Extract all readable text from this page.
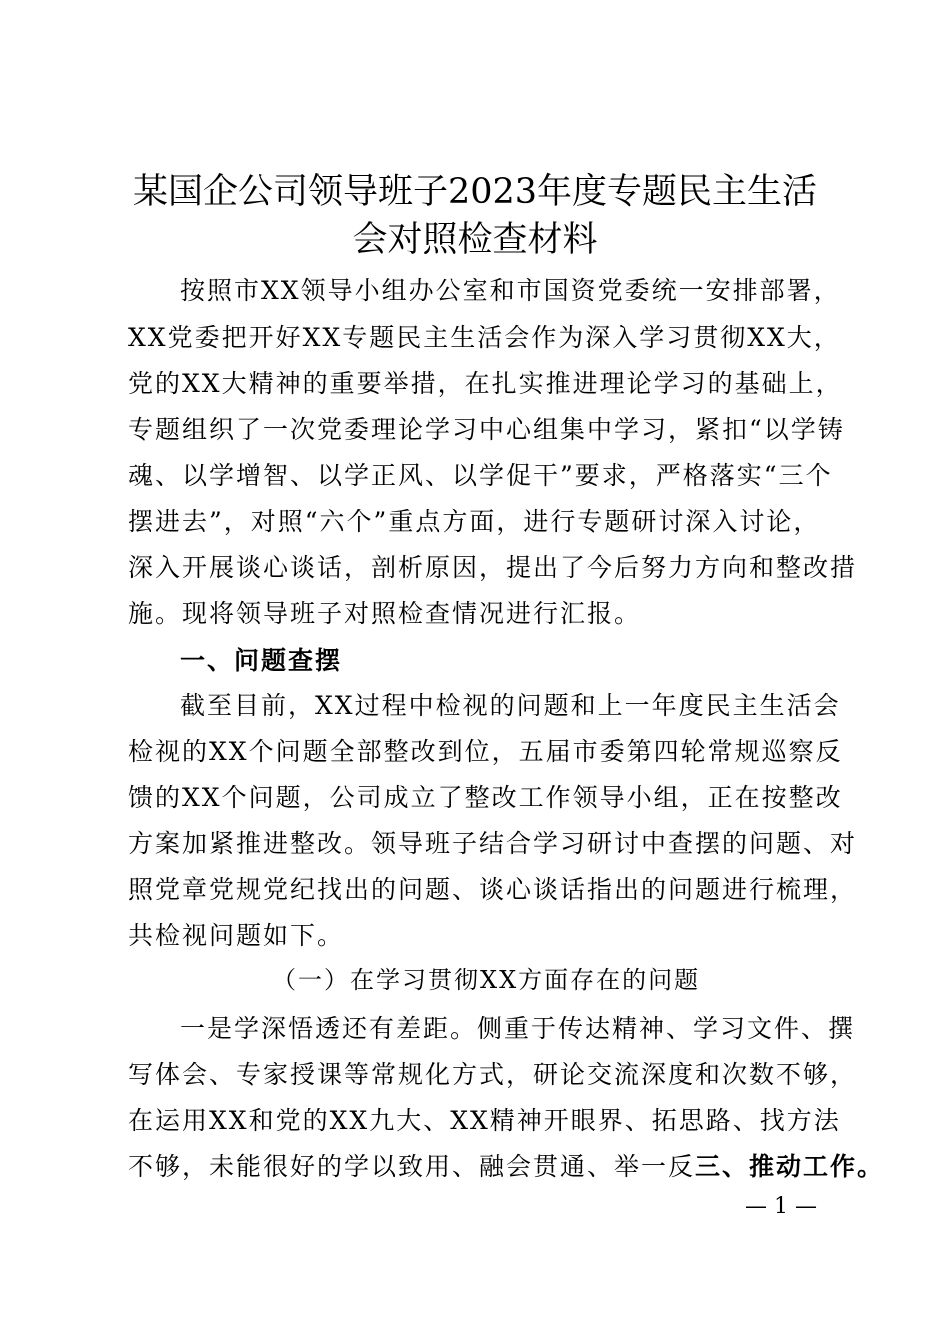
某国企公司领导班子2023年度专题民主生活
会对照检查材料
按照市XX领导小组办公室和市国资党委统一安排部署，
XX党委把开好XX专题民主生活会作为深入学习贯彻XX大，
党的XX大精神的重要举措，在扎实推进理论学习的基础上，
专题组织了一次党委理论学习中心组集中学习，紧扣“以学铸
魂、以学增智、以学正风、以学促干”要求，严格落实“三个
摆进去”，对照“六个”重点方面，进行专题研讨深入讨论，
深入开展谈心谈话，剖析原因，提出了今后努力方向和整改措
施。现将领导班子对照检查情况进行汇报。
一、问题查摆
截至目前，XX过程中检视的问题和上一年度民主生活会
检视的XX个问题全部整改到位，五届市委第四轮常规巡察反
馈的XX个问题，公司成立了整改工作领导小组，正在按整改
方案加紧推进整改。领导班子结合学习研讨中查摆的问题、对
照党章党规党纪找出的问题、谈心谈话指出的问题进行梳理，
共检视问题如下。
（一）在学习贯彻XX方面存在的问题
一是学深悟透还有差距。侧重于传达精神、学习文件、撰
写体会、专家授课等常规化方式，研论交流深度和次数不够，
在运用XX和党的XX九大、XX精神开眼界、拓思路、找方法
不够，未能很好的学以致用、融会贯通、举一反三、推动工作。
— 1 —
